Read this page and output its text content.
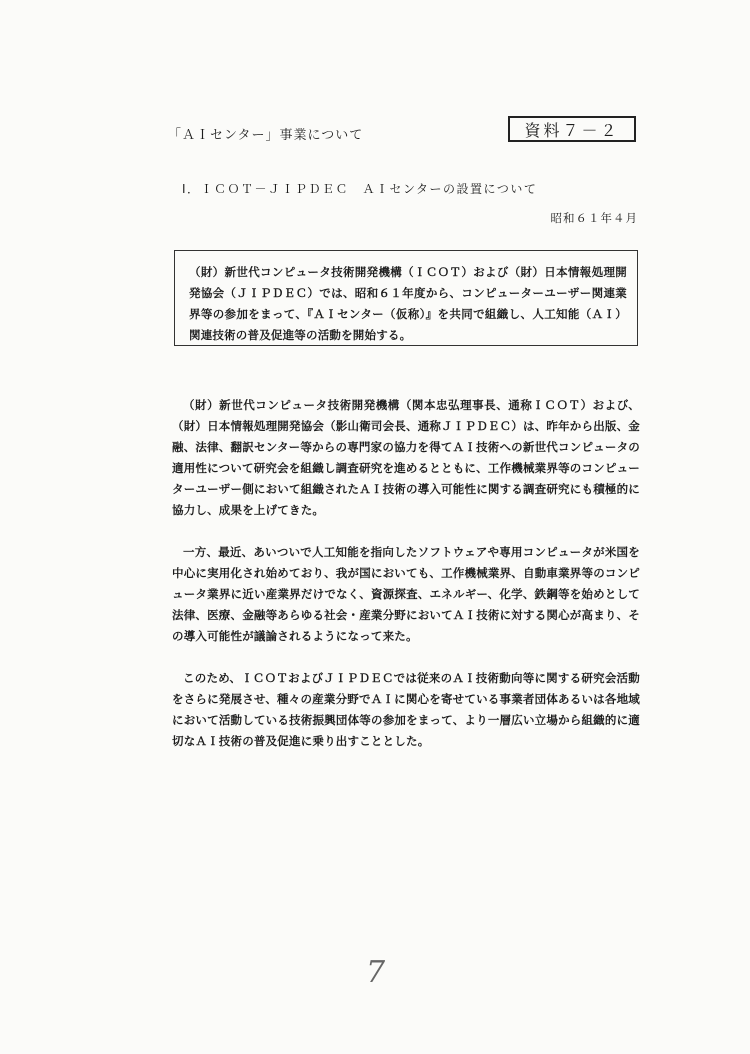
「ＡＩセンター」事業について	資料７－２
Ⅰ．ＩＣＯＴ－ＪＩＰＤＥＣ　ＡＩセンターの設置について
昭和６１年４月

（財）新世代コンピュータ技術開発機構（ＩＣＯＴ）および（財）日本情報処理開発協会（ＪＩＰＤＥＣ）では、昭和６１年度から、コンピューターユーザー関連業界等の参加をまって、『ＡＩセンター（仮称）』を共同で組織し、人工知能（ＡＩ）関連技術の普及促進等の活動を開始する。

（財）新世代コンピュータ技術開発機構（関本忠弘理事長、通称ＩＣＯＴ）および、（財）日本情報処理開発協会（影山衛司会長、通称ＪＩＰＤＥＣ）は、昨年から出版、金融、法律、翻訳センター等からの専門家の協力を得てＡＩ技術への新世代コンピュータの適用性について研究会を組織し調査研究を進めるとともに、工作機械業界等のコンピューターユーザー側において組織されたＡＩ技術の導入可能性に関する調査研究にも積極的に協力し、成果を上げてきた。

一方、最近、あいついで人工知能を指向したソフトウェアや専用コンピュータが米国を中心に実用化され始めており、我が国においても、工作機械業界、自動車業界等のコンピュータ業界に近い産業界だけでなく、資源探査、エネルギー、化学、鉄鋼等を始めとして法律、医療、金融等あらゆる社会・産業分野においてＡＩ技術に対する関心が高まり、その導入可能性が議論されるようになって来た。

このため、ＩＣＯＴおよびＪＩＰＤＥＣでは従来のＡＩ技術動向等に関する研究会活動をさらに発展させ、種々の産業分野でＡＩに関心を寄せている事業者団体あるいは各地域において活動している技術振興団体等の参加をまって、より一層広い立場から組織的に適切なＡＩ技術の普及促進に乗り出すこととした。

7
